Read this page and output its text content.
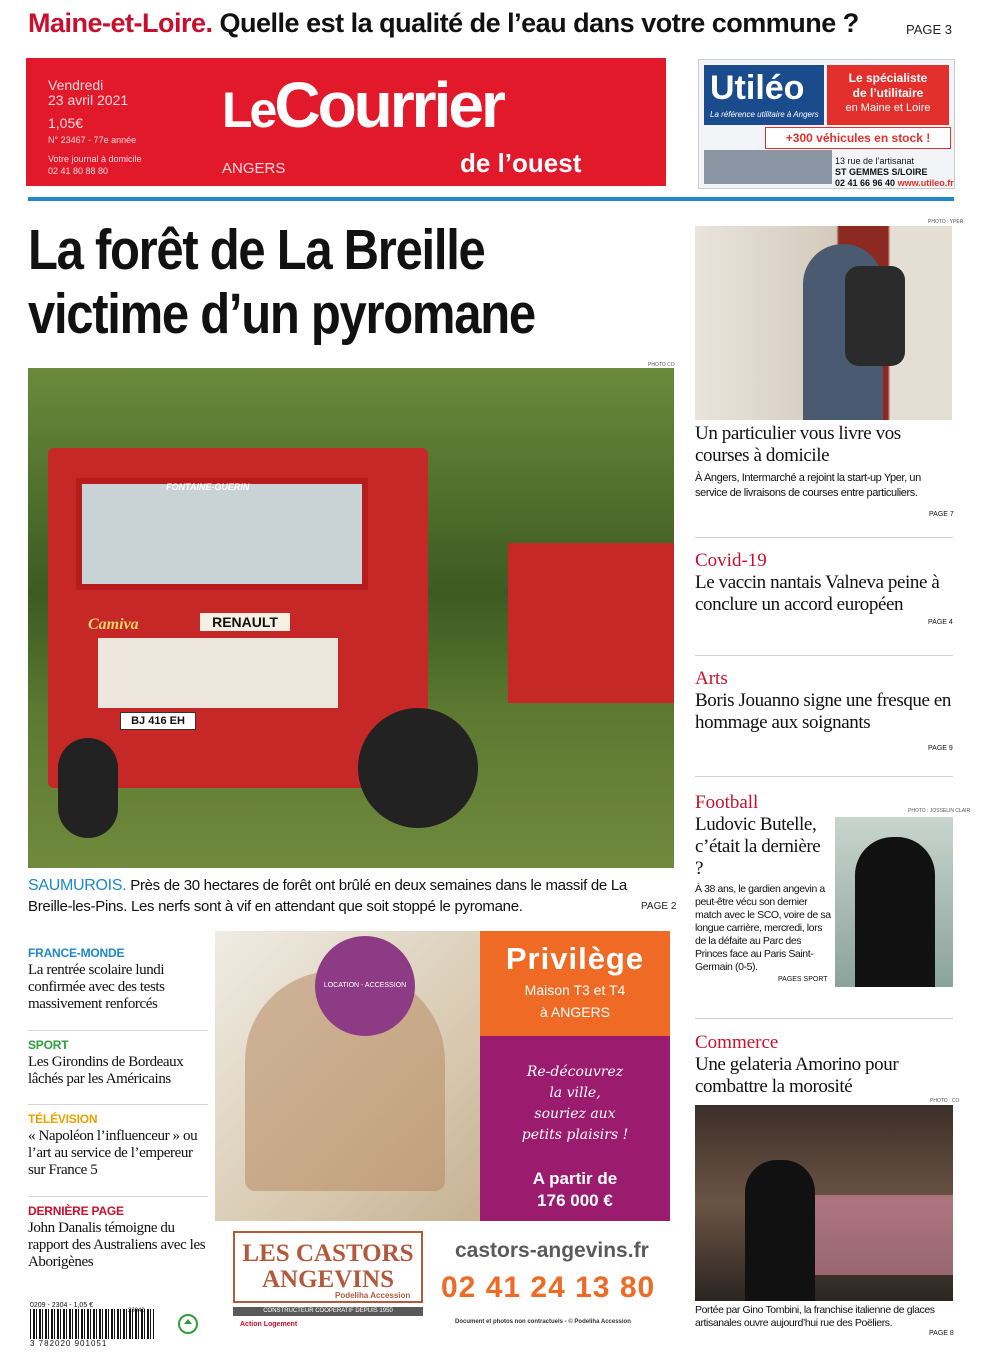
Maine-et-Loire. Quelle est la qualité de l’eau dans votre commune ?	PAGE 3
Vendredi
23 avril 2021
1,05€
N° 23467 - 77e année
Votre journal à domicile
02 41 80 88 80
LeCourrier
de l’ouest
ANGERS
Utiléo
La référence utilitaire à Angers
Le spécialiste
de l’utilitaire
en Maine et Loire
+300 véhicules en stock !
13 rue de l’artisanat
ST GEMMES S/LOIRE
02 41 66 96 40 www.utileo.fr
La forêt de La Breille
victime d’un pyromane
PHOTO CO
FONTAINE-GUERIN
Camiva	RENAULT
BJ 416 EH
SAUMUROIS. Près de 30 hectares de forêt ont brûlé en deux semaines dans le massif de La Breille-les-Pins. Les nerfs sont à vif en attendant que soit stoppé le pyromane.	PAGE 2
FRANCE-MONDE
La rentrée scolaire lundi confirmée avec des tests massivement renforcés
SPORT
Les Girondins de Bordeaux lâchés par les Américains
TÉLÉVISION
« Napoléon l’influenceur » ou l’art au service de l’empereur sur France 5
DERNIÈRE PAGE
John Danalis témoigne du rapport des Australiens avec les Aborigènes
LOCATION - ACCESSION
Privilège
Maison T3 et T4
à ANGERS
Re-découvrez
la ville,
souriez aux
petits plaisirs !
A partir de
176 000 €
LES CASTORS
ANGEVINS
Podeliha Accession
CONSTRUCTEUR COOPÉRATIF DEPUIS 1950
Action Logement
castors-angevins.fr
02 41 24 13 80
Document et photos non contractuels - © Podeliha Accession
0209 - 2304 - 1,05 €
3 782020 901051
23040
PHOTO : YPER
Un particulier vous livre vos courses à domicile
À Angers, Intermarché a rejoint la start-up Yper, un service de livraisons de courses entre particuliers.
PAGE 7
Covid-19
Le vaccin nantais Valneva peine à conclure un accord européen
PAGE 4
Arts
Boris Jouanno signe une fresque en hommage aux soignants
PAGE 9
Football
Ludovic Butelle, c’était la dernière ?
À 38 ans, le gardien angevin a peut-être vécu son dernier match avec le SCO, voire de sa longue carrière, mercredi, lors de la défaite au Parc des Princes face au Paris Saint-Germain (0-5).
PHOTO : JOSSELIN CLAIR
PAGES SPORT
Commerce
Une gelateria Amorino pour combattre la morosité
PHOTO : CO
Portée par Gino Tombini, la franchise italienne de glaces artisanales ouvre aujourd’hui rue des Poëliers.
PAGE 8
